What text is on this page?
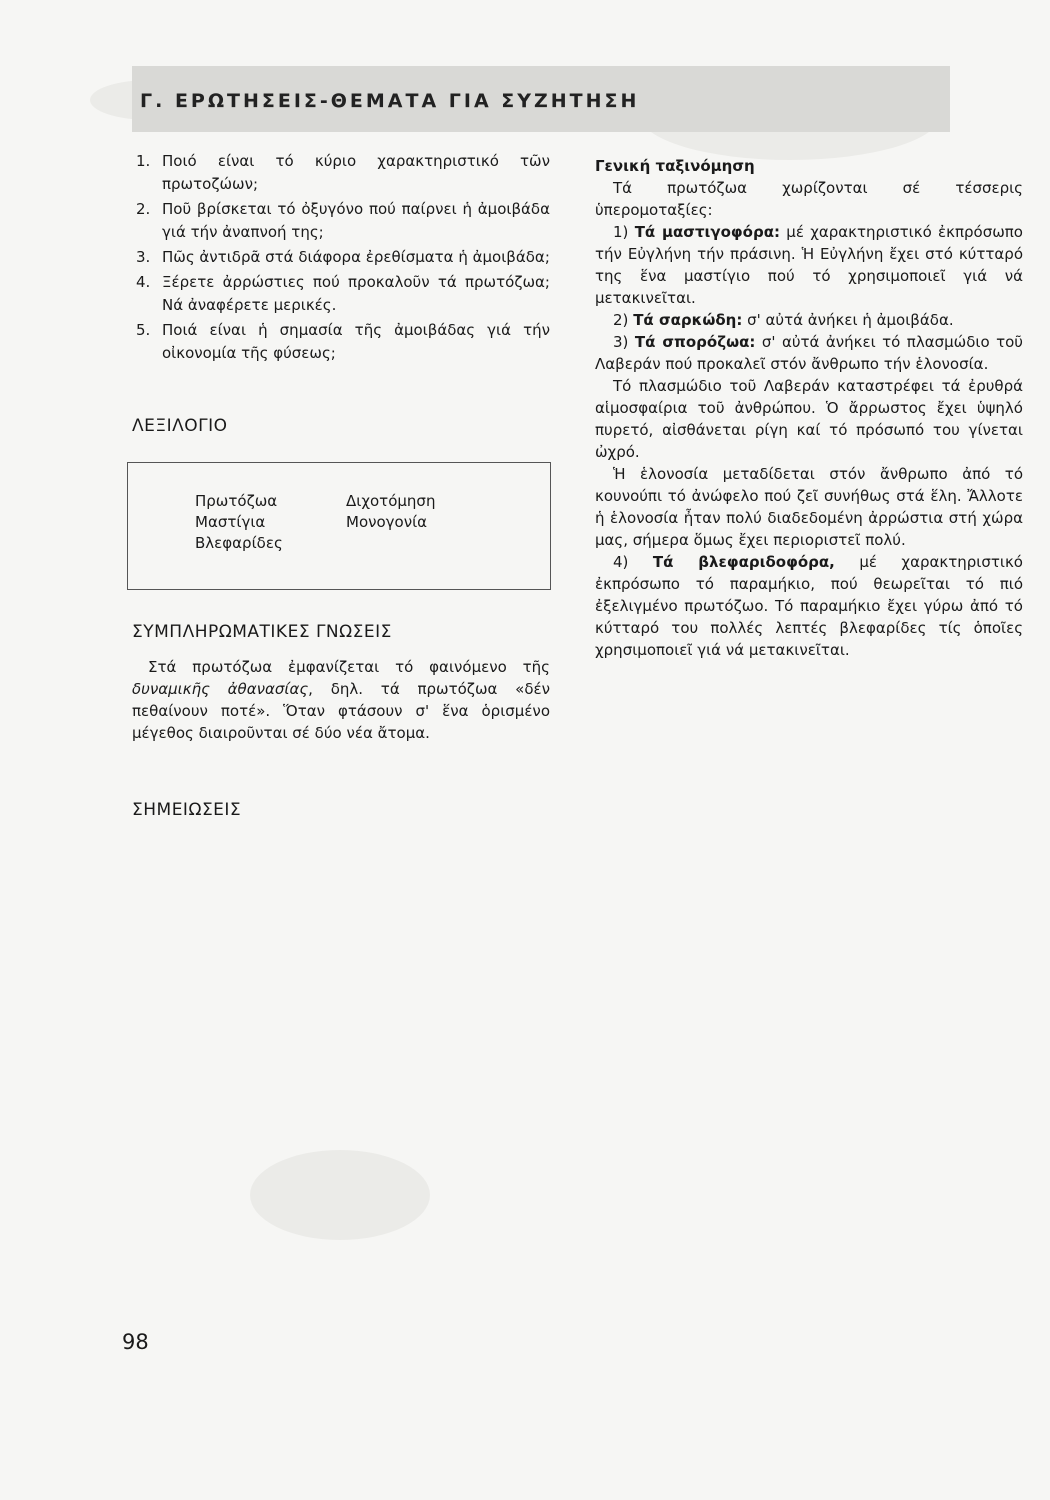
Γ. ΕΡΩΤΗΣΕΙΣ-ΘΕΜΑΤΑ ΓΙΑ ΣΥΖΗΤΗΣΗ
1. Ποιό είναι τό κύριο χαρακτηριστικό τῶν πρωτοζώων;
2. Ποῦ βρίσκεται τό ὀξυγόνο πού παίρνει ἡ ἀμοιβάδα γιά τήν ἀναπνοή της;
3. Πῶς ἀντιδρᾶ στά διάφορα ἐρεθίσματα ἡ ἀμοιβάδα;
4. Ξέρετε ἀρρώστιες πού προκαλοῦν τά πρωτόζωα; Νά ἀναφέρετε μερικές.
5. Ποιά είναι ἡ σημασία τῆς ἀμοιβάδας γιά τήν οἰκονομία τῆς φύσεως;
ΛΕΞΙΛΟΓΙΟ
Πρωτόζωα
Μαστίγια
Βλεφαρίδες
Διχοτόμηση
Μονογονία
ΣΥΜΠΛΗΡΩΜΑΤΙΚΕΣ ΓΝΩΣΕΙΣ

Στά πρωτόζωα ἐμφανίζεται τό φαινόμενο τῆς δυναμικῆς ἀθανασίας, δηλ. τά πρωτόζωα «δέν πεθαίνουν ποτέ». Ὅταν φτάσουν σ' ἕνα ὁρισμένο μέγεθος διαιροῦνται σέ δύο νέα ἄτομα.

ΣΗΜΕΙΩΣΕΙΣ

Γενική ταξινόμηση

Τά πρωτόζωα χωρίζονται σέ τέσσερις ὑπερομοταξίες:

1) Τά μαστιγοφόρα: μέ χαρακτηριστικό ἐκπρόσωπο τήν Εὐγλήνη τήν πράσινη. Ἡ Εὐγλήνη ἔχει στό κύτταρό της ἕνα μαστίγιο πού τό χρησιμοποιεῖ γιά νά μετακινεῖται.

2) Τά σαρκώδη: σ' αὐτά ἀνήκει ἡ ἀμοιβάδα.

3) Τά σπορόζωα: σ' αὐτά ἀνήκει τό πλασμώδιο τοῦ Λαβεράν πού προκαλεῖ στόν ἄνθρωπο τήν ἑλονοσία.

Τό πλασμώδιο τοῦ Λαβεράν καταστρέφει τά ἐρυθρά αἱμοσφαίρια τοῦ ἀνθρώπου. Ὁ ἄρρωστος ἔχει ὑψηλό πυρετό, αἰσθάνεται ρίγη καί τό πρόσωπό του γίνεται ὠχρό.

Ἡ ἑλονοσία μεταδίδεται στόν ἄνθρωπο ἀπό τό κουνούπι τό ἀνώφελο πού ζεῖ συνήθως στά ἕλη. Ἄλλοτε ἡ ἑλονοσία ἦταν πολύ διαδεδομένη ἀρρώστια στή χώρα μας, σήμερα ὅμως ἔχει περιοριστεῖ πολύ.

4) Τά βλεφαριδοφόρα, μέ χαρακτηριστικό ἐκπρόσωπο τό παραμήκιο, πού θεωρεῖται τό πιό ἐξελιγμένο πρωτόζωο. Τό παραμήκιο ἔχει γύρω ἀπό τό κύτταρό του πολλές λεπτές βλεφαρίδες τίς ὁποῖες χρησιμοποιεῖ γιά νά μετακινεῖται.

98
